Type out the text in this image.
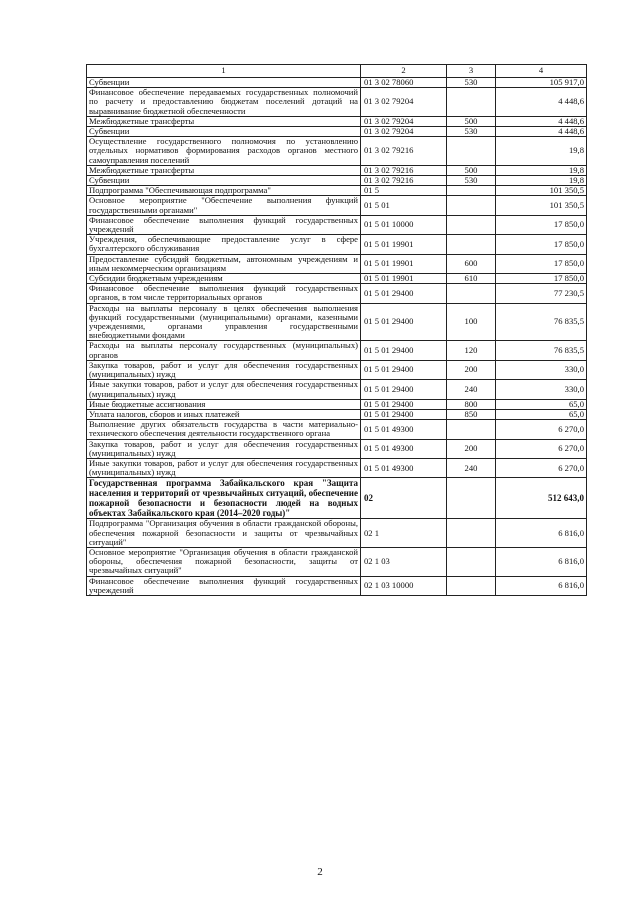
1	2	3	4
Субвенции	01 3 02 78060	530	105 917,0
Финансовое обеспечение передаваемых государственных полномочий по расчету и предоставлению бюджетам поселений дотаций на выравнивание бюджетной обеспеченности	01 3 02 79204		4 448,6
Межбюджетные трансферты	01 3 02 79204	500	4 448,6
Субвенции	01 3 02 79204	530	4 448,6
Осуществление государственного полномочия по установлению отдельных нормативов формирования расходов органов местного самоуправления поселений	01 3 02 79216		19,8
Межбюджетные трансферты	01 3 02 79216	500	19,8
Субвенции	01 3 02 79216	530	19,8
Подпрограмма "Обеспечивающая подпрограмма"	01 5		101 350,5
Основное мероприятие "Обеспечение выполнения функций государственными органами"	01 5 01		101 350,5
Финансовое обеспечение выполнения функций государственных учреждений	01 5 01 10000		17 850,0
Учреждения, обеспечивающие предоставление услуг в сфере бухгалтерского обслуживания	01 5 01 19901		17 850,0
Предоставление субсидий бюджетным, автономным учреждениям и иным некоммерческим организациям	01 5 01 19901	600	17 850,0
Субсидии бюджетным учреждениям	01 5 01 19901	610	17 850,0
Финансовое обеспечение выполнения функций государственных органов, в том числе территориальных органов	01 5 01 29400		77 230,5
Расходы на выплаты персоналу в целях обеспечения выполнения функций государственными (муниципальными) органами, казенными учреждениями, органами управления государственными внебюджетными фондами	01 5 01 29400	100	76 835,5
Расходы на выплаты персоналу государственных (муниципальных) органов	01 5 01 29400	120	76 835,5
Закупка товаров, работ и услуг для обеспечения государственных (муниципальных) нужд	01 5 01 29400	200	330,0
Иные закупки товаров, работ и услуг для обеспечения государственных (муниципальных) нужд	01 5 01 29400	240	330,0
Иные бюджетные ассигнования	01 5 01 29400	800	65,0
Уплата налогов, сборов и иных платежей	01 5 01 29400	850	65,0
Выполнение других обязательств государства в части материально-технического обеспечения деятельности государственного органа	01 5 01 49300		6 270,0
Закупка товаров, работ и услуг для обеспечения государственных (муниципальных) нужд	01 5 01 49300	200	6 270,0
Иные закупки товаров, работ и услуг для обеспечения государственных (муниципальных) нужд	01 5 01 49300	240	6 270,0
Государственная программа Забайкальского края "Защита населения и территорий от чрезвычайных ситуаций, обеспечение пожарной безопасности и безопасности людей на водных объектах Забайкальского края (2014–2020 годы)"	02		512 643,0
Подпрограмма "Организация обучения в области гражданской обороны, обеспечения пожарной безопасности и защиты от чрезвычайных ситуаций"	02 1		6 816,0
Основное мероприятие "Организация обучения в области гражданской обороны, обеспечения пожарной безопасности, защиты от чрезвычайных ситуаций"	02 1 03		6 816,0
Финансовое обеспечение выполнения функций государственных учреждений	02 1 03 10000		6 816,0
2
